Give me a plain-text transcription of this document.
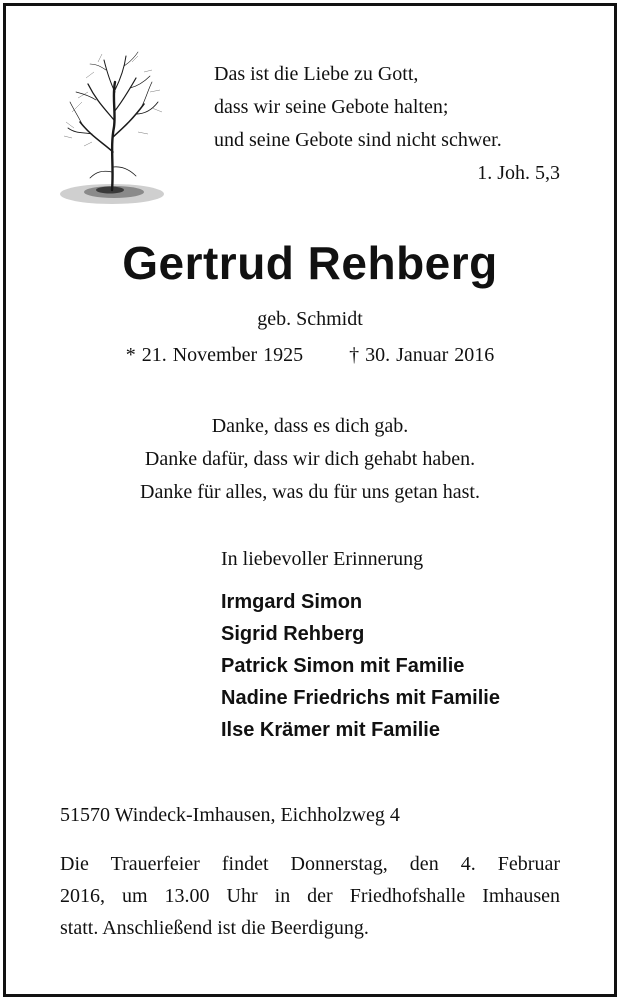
Das ist die Liebe zu Gott,
dass wir seine Gebote halten;
und seine Gebote sind nicht schwer.
1. Joh. 5,3
Gertrud Rehberg
geb. Schmidt
* 21. November 1925 † 30. Januar 2016
Danke, dass es dich gab.
Danke dafür, dass wir dich gehabt haben.
Danke für alles, was du für uns getan hast.
In liebevoller Erinnerung
Irmgard Simon
Sigrid Rehberg
Patrick Simon mit Familie
Nadine Friedrichs mit Familie
Ilse Krämer mit Familie
51570 Windeck-Imhausen, Eichholzweg 4
Die Trauerfeier findet Donnerstag, den 4. Februar
2016, um 13.00 Uhr in der Friedhofshalle Imhausen
statt. Anschließend ist die Beerdigung.
